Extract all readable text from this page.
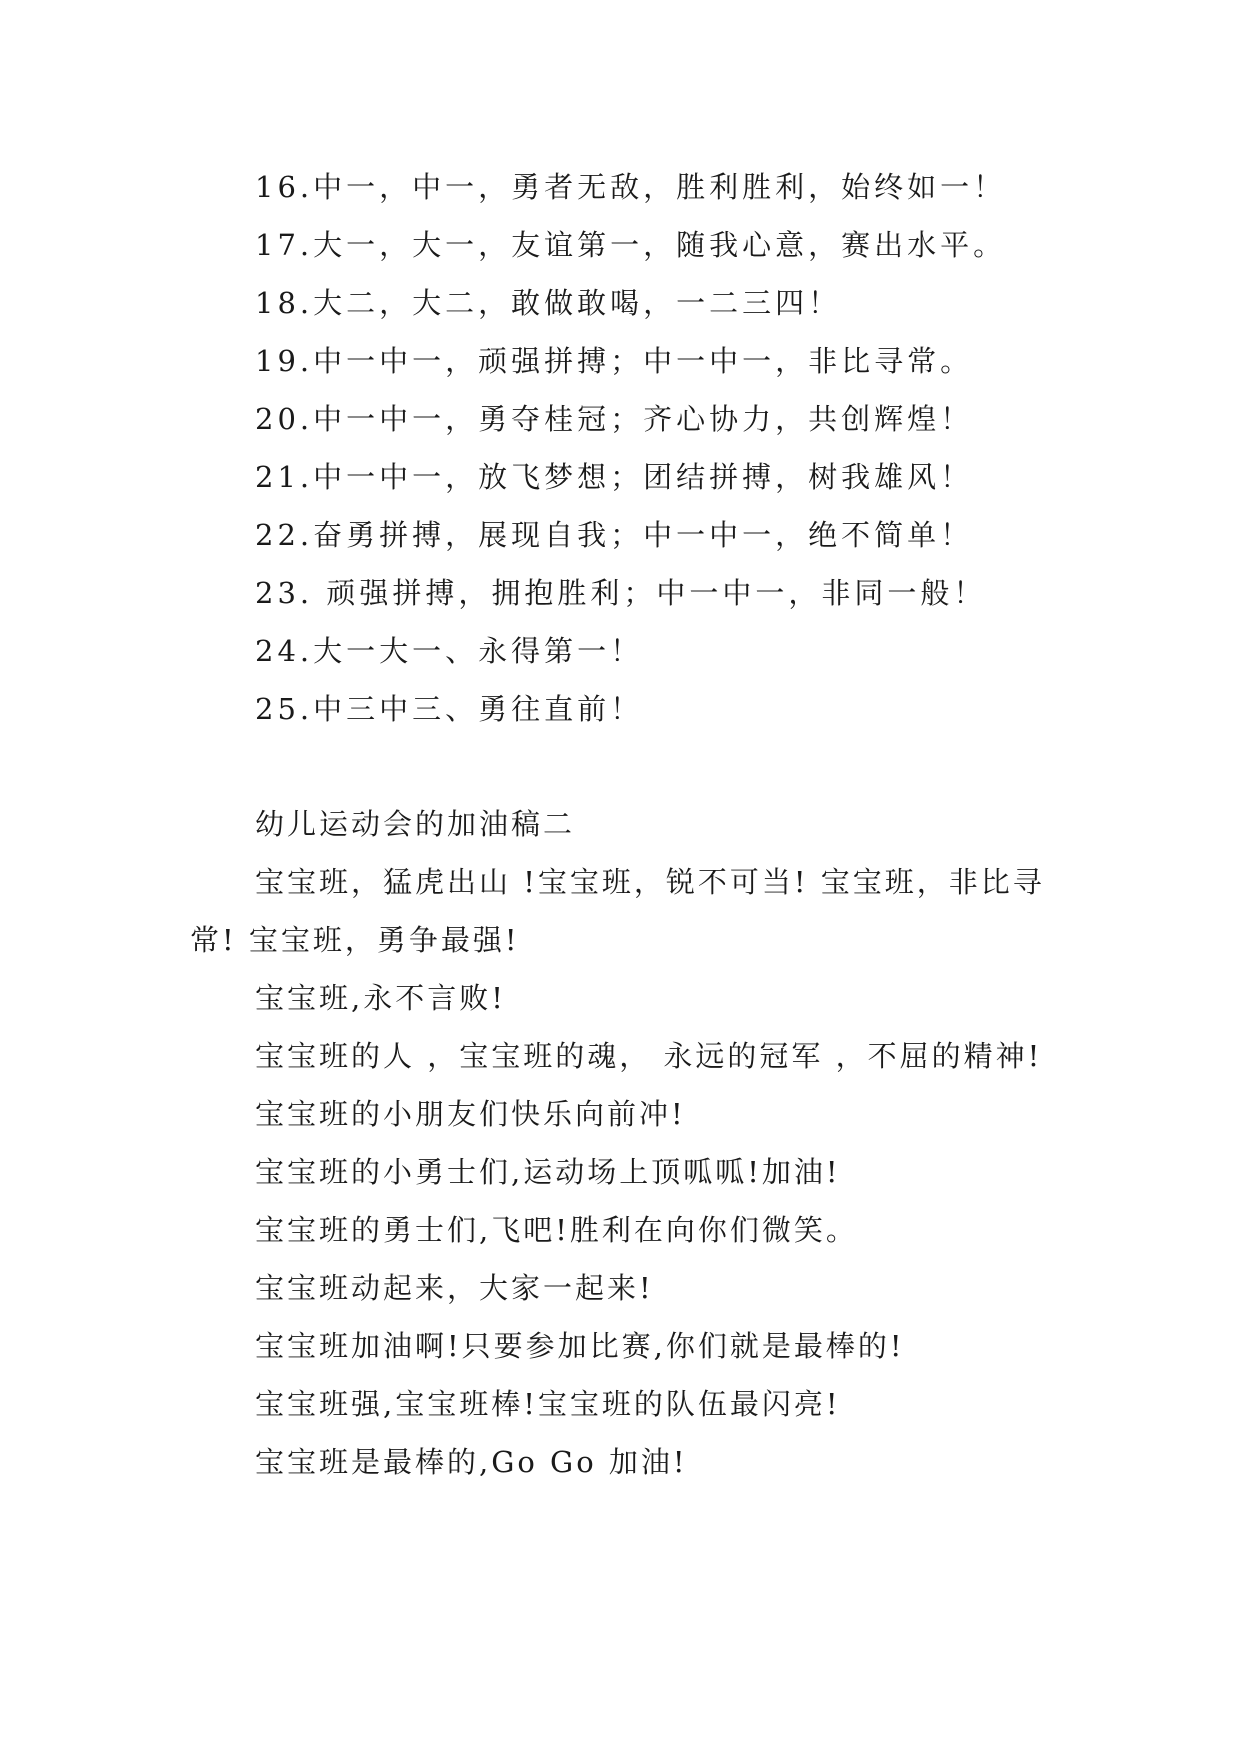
16.中一，中一，勇者无敌，胜利胜利，始终如一！
17.大一，大一，友谊第一，随我心意，赛出水平。
18.大二，大二，敢做敢喝，一二三四！
19.中一中一，顽强拼搏；中一中一，非比寻常。
20.中一中一，勇夺桂冠；齐心协力，共创辉煌！
21.中一中一，放飞梦想；团结拼搏，树我雄风！
22.奋勇拼搏，展现自我；中一中一，绝不简单！
23. 顽强拼搏，拥抱胜利；中一中一，非同一般！
24.大一大一、永得第一！
25.中三中三、勇往直前！
幼儿运动会的加油稿二

宝宝班，猛虎出山 !宝宝班，锐不可当! 宝宝班，非比寻常! 宝宝班，勇争最强!

宝宝班,永不言败!

宝宝班的人 ，宝宝班的魂， 永远的冠军 ，不屈的精神!

宝宝班的小朋友们快乐向前冲!

宝宝班的小勇士们,运动场上顶呱呱!加油!

宝宝班的勇士们,飞吧!胜利在向你们微笑。

宝宝班动起来，大家一起来!

宝宝班加油啊!只要参加比赛,你们就是最棒的!

宝宝班强,宝宝班棒!宝宝班的队伍最闪亮!

宝宝班是最棒的,Go Go 加油!
